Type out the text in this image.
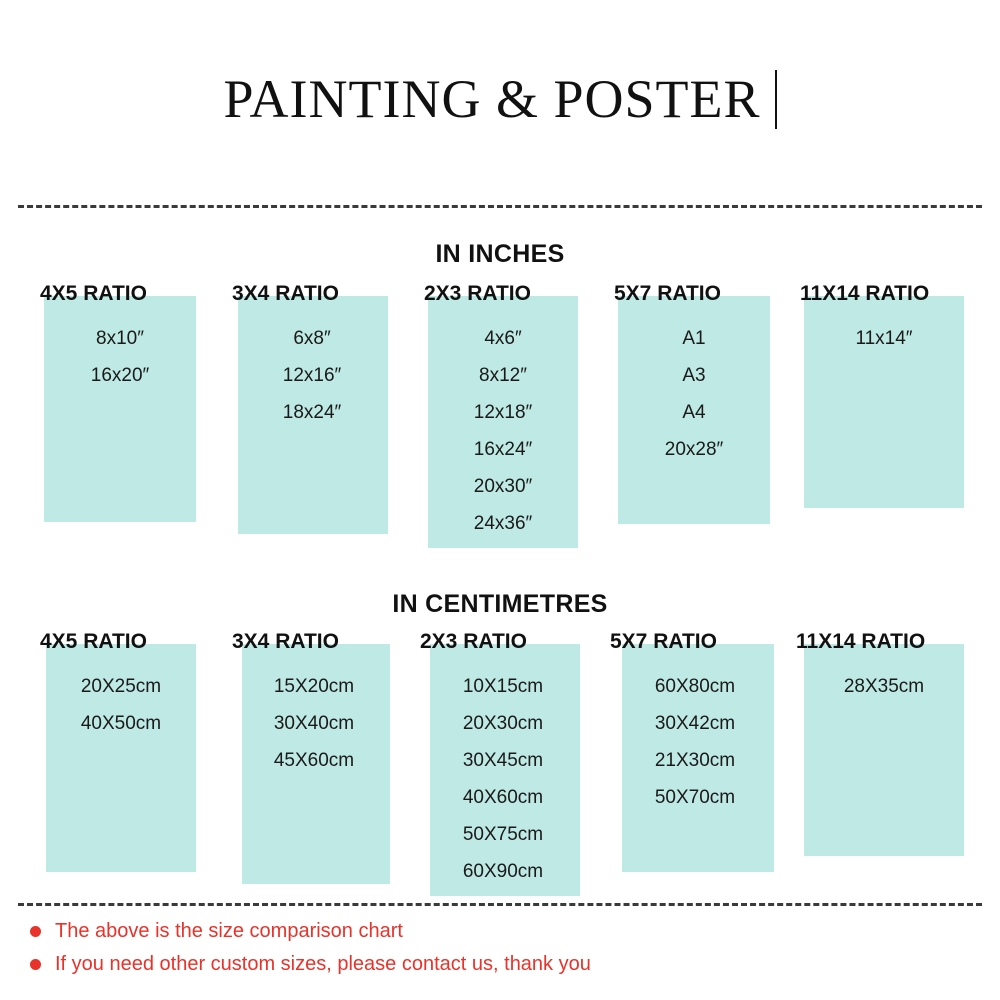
PAINTING & POSTER
IN INCHES
4X5 RATIO
8x10″
16x20″
3X4 RATIO
6x8″
12x16″
18x24″
2X3 RATIO
4x6″
8x12″
12x18″
16x24″
20x30″
24x36″
5X7 RATIO
A1
A3
A4
20x28″
11X14 RATIO
11x14″
IN CENTIMETRES
4X5 RATIO
20X25cm
40X50cm
3X4 RATIO
15X20cm
30X40cm
45X60cm
2X3 RATIO
10X15cm
20X30cm
30X45cm
40X60cm
50X75cm
60X90cm
5X7 RATIO
60X80cm
30X42cm
21X30cm
50X70cm
11X14 RATIO
28X35cm
The above is the size comparison chart
If you need other custom sizes, please contact us, thank you
